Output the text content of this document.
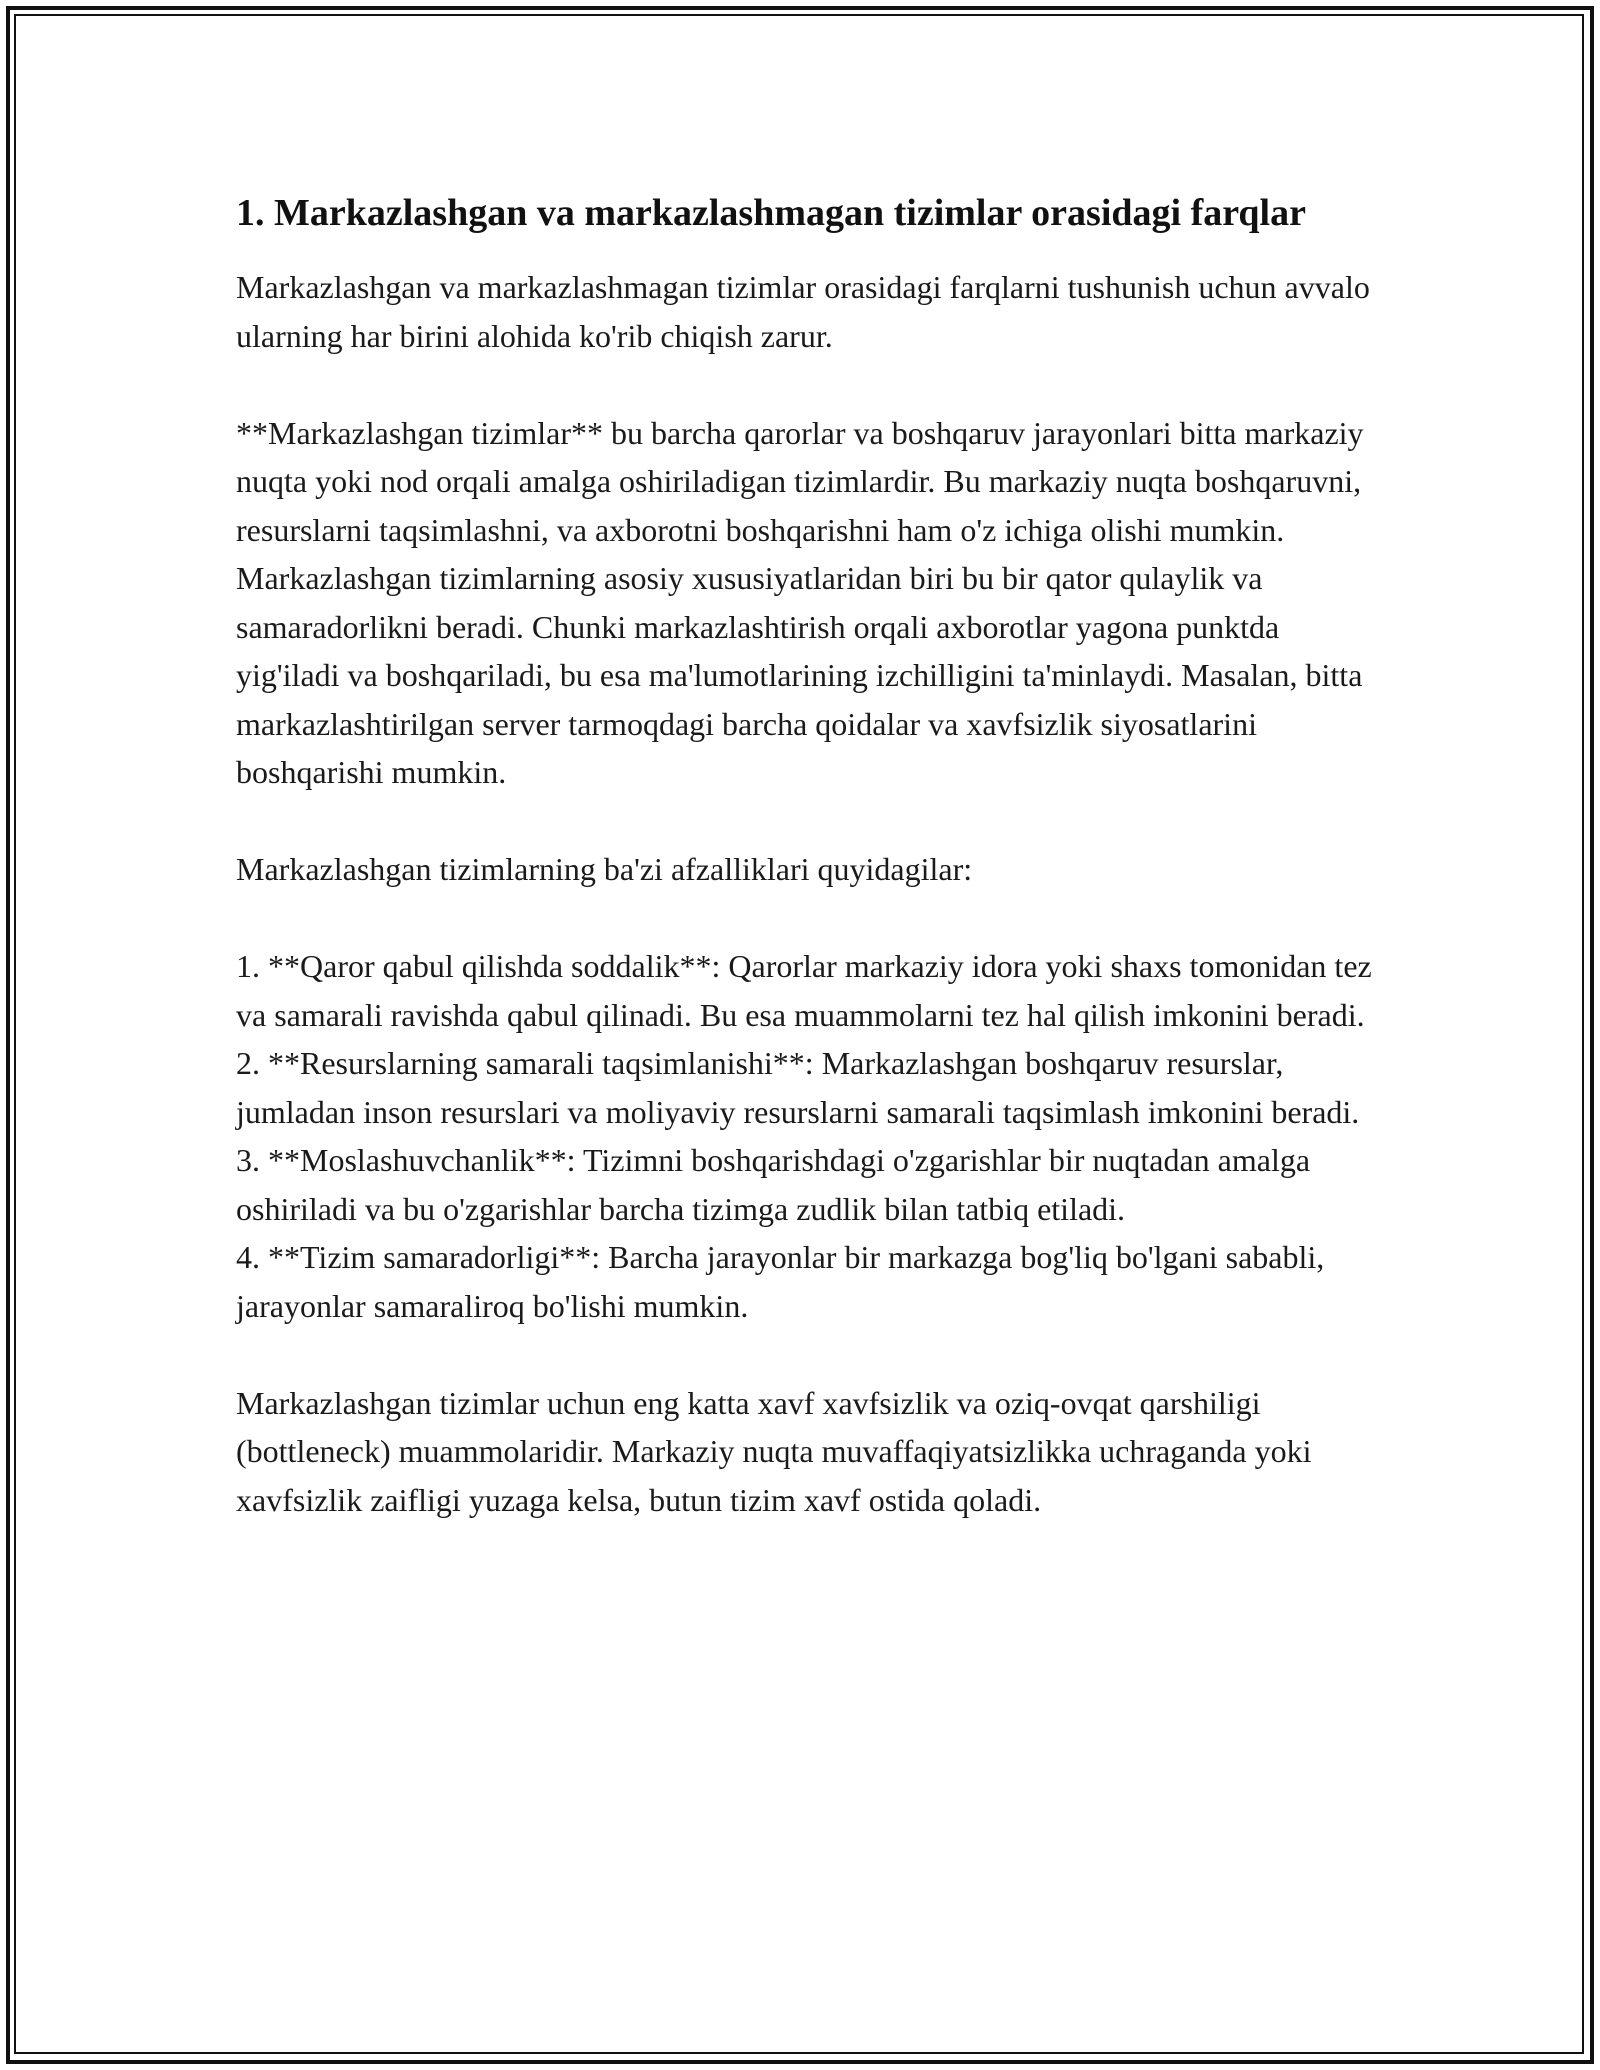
1. Markazlashgan va markazlashmagan tizimlar orasidagi farqlar

Markazlashgan va markazlashmagan tizimlar orasidagi farqlarni tushunish uchun avvalo ularning har birini alohida ko'rib chiqish zarur.

**Markazlashgan tizimlar** bu barcha qarorlar va boshqaruv jarayonlari bitta markaziy nuqta yoki nod orqali amalga oshiriladigan tizimlardir. Bu markaziy nuqta boshqaruvni, resurslarni taqsimlashni, va axborotni boshqarishni ham o'z ichiga olishi mumkin. Markazlashgan tizimlarning asosiy xususiyatlaridan biri bu bir qator qulaylik va samaradorlikni beradi. Chunki markazlashtirish orqali axborotlar yagona punktda yig'iladi va boshqariladi, bu esa ma'lumotlarining izchilligini ta'minlaydi. Masalan, bitta markazlashtirilgan server tarmoqdagi barcha qoidalar va xavfsizlik siyosatlarini boshqarishi mumkin.

Markazlashgan tizimlarning ba'zi afzalliklari quyidagilar:

1. **Qaror qabul qilishda soddalik**: Qarorlar markaziy idora yoki shaxs tomonidan tez va samarali ravishda qabul qilinadi. Bu esa muammolarni tez hal qilish imkonini beradi.

2. **Resurslarning samarali taqsimlanishi**: Markazlashgan boshqaruv resurslar, jumladan inson resurslari va moliyaviy resurslarni samarali taqsimlash imkonini beradi.

3. **Moslashuvchanlik**: Tizimni boshqarishdagi o'zgarishlar bir nuqtadan amalga oshiriladi va bu o'zgarishlar barcha tizimga zudlik bilan tatbiq etiladi.

4. **Tizim samaradorligi**: Barcha jarayonlar bir markazga bog'liq bo'lgani sababli, jarayonlar samaraliroq bo'lishi mumkin.

Markazlashgan tizimlar uchun eng katta xavf xavfsizlik va oziq-ovqat qarshiligi (bottleneck) muammolaridir. Markaziy nuqta muvaffaqiyatsizlikka uchraganda yoki xavfsizlik zaifligi yuzaga kelsa, butun tizim xavf ostida qoladi.
